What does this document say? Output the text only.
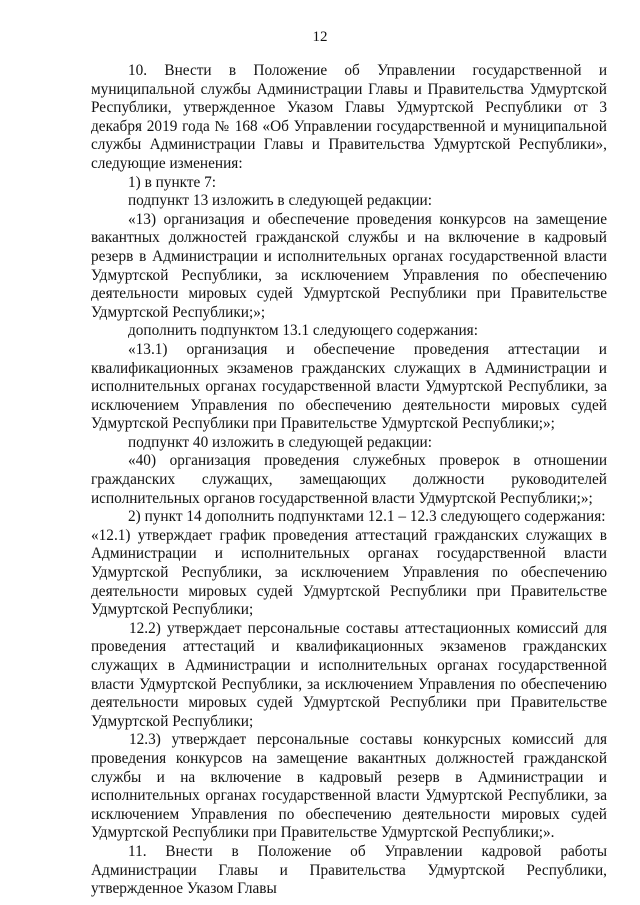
12

10. Внести в Положение об Управлении государственной и муниципальной службы Администрации Главы и Правительства Удмуртской Республики, утвержденное Указом Главы Удмуртской Республики от 3 декабря 2019 года № 168 «Об Управлении государственной и муниципальной службы Администрации Главы и Правительства Удмуртской Республики», следующие изменения:

1) в пункте 7:

подпункт 13 изложить в следующей редакции:

«13) организация и обеспечение проведения конкурсов на замещение вакантных должностей гражданской службы и на включение в кадровый резерв в Администрации и исполнительных органах государственной власти Удмуртской Республики, за исключением Управления по обеспечению деятельности мировых судей Удмуртской Республики при Правительстве Удмуртской Республики;»;

дополнить подпунктом 13.1 следующего содержания:

«13.1) организация и обеспечение проведения аттестации и квалификационных экзаменов гражданских служащих в Администрации и исполнительных органах государственной власти Удмуртской Республики, за исключением Управления по обеспечению деятельности мировых судей Удмуртской Республики при Правительстве Удмуртской Республики;»;

подпункт 40 изложить в следующей редакции:

«40) организация проведения служебных проверок в отношении гражданских служащих, замещающих должности руководителей исполнительных органов государственной власти Удмуртской Республики;»;

2) пункт 14 дополнить подпунктами 12.1 – 12.3 следующего содержания:

«12.1) утверждает график проведения аттестаций гражданских служащих в Администрации и исполнительных органах государственной власти Удмуртской Республики, за исключением Управления по обеспечению деятельности мировых судей Удмуртской Республики при Правительстве Удмуртской Республики;

12.2) утверждает персональные составы аттестационных комиссий для проведения аттестаций и квалификационных экзаменов гражданских служащих в Администрации и исполнительных органах государственной власти Удмуртской Республики, за исключением Управления по обеспечению деятельности мировых судей Удмуртской Республики при Правительстве Удмуртской Республики;

12.3) утверждает персональные составы конкурсных комиссий для проведения конкурсов на замещение вакантных должностей гражданской службы и на включение в кадровый резерв в Администрации и исполнительных органах государственной власти Удмуртской Республики, за исключением Управления по обеспечению деятельности мировых судей Удмуртской Республики при Правительстве Удмуртской Республики;».

11. Внести в Положение об Управлении кадровой работы Администрации Главы и Правительства Удмуртской Республики, утвержденное Указом Главы
